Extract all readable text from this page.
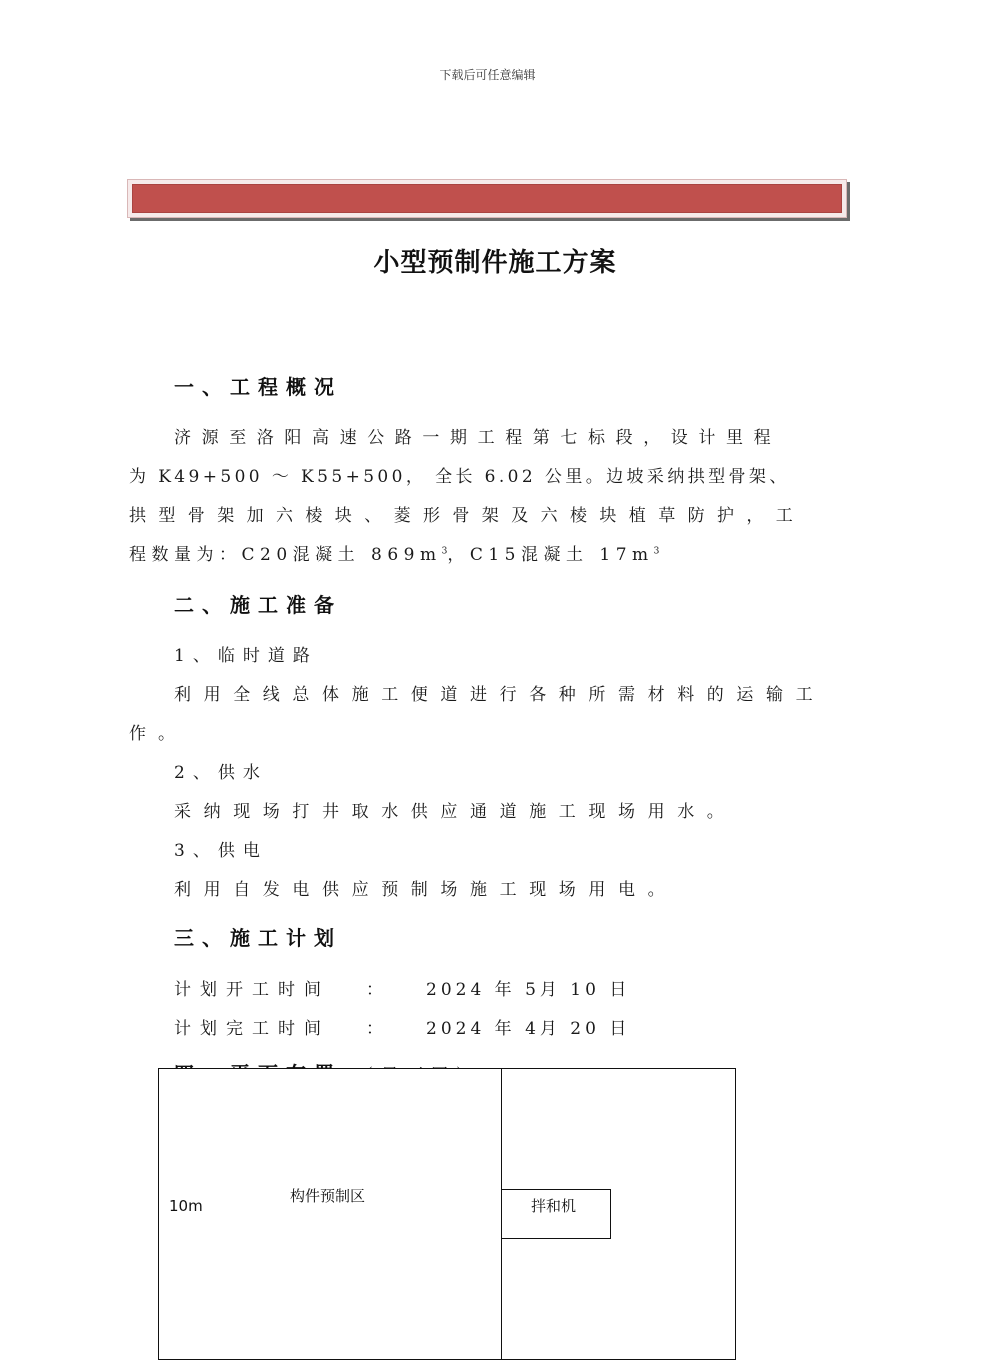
下载后可任意编辑
小型预制件施工方案
一、工程概况
济源至洛阳高速公路一期工程第七标段，设计里程
为 K49+500 ～ K55+500， 全长 6.02 公里。边坡采纳拱型骨架、
拱型骨架加六棱块、菱形骨架及六棱块植草防护，工
程数量为：C20混凝土 $869m^3$，C15混凝土 $17m^3$
二、施工准备
1、临时道路
利用全线总体施工便道进行各种所需材料的运输工
作。
2、供水
采纳现场打井取水供应通道施工现场用水。
3、供电
利用自发电供应预制场施工现场用电。
三、施工计划
计划开工时间 ：	2024 年 5月 10 日
计划完工时间 ：	2024 年 4月 20 日
构件预制区
10m	拌和机
